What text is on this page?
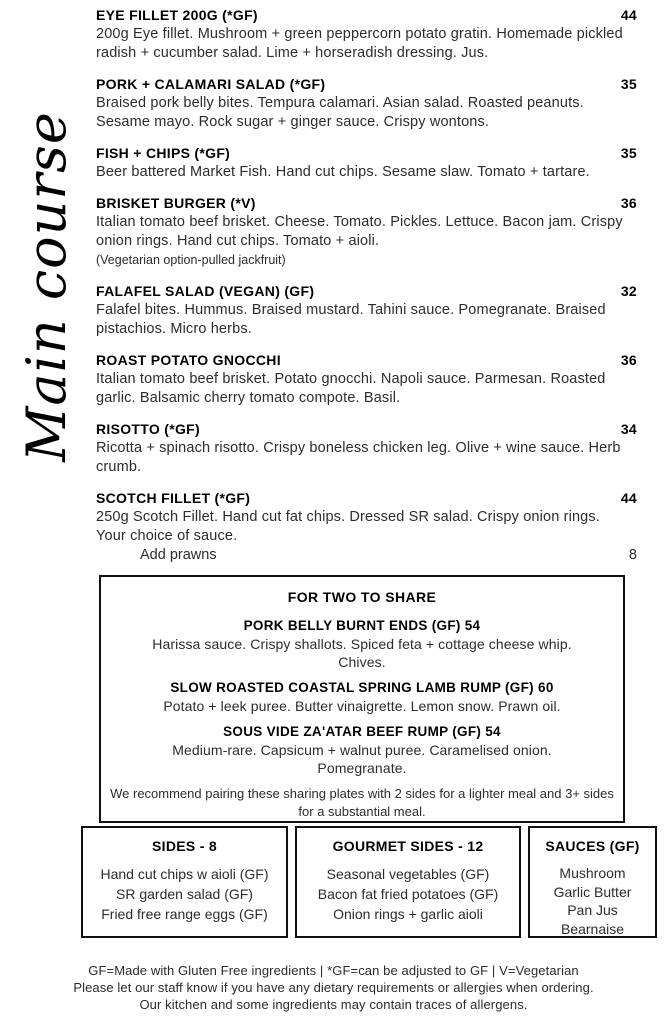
Main course
EYE FILLET 200G (*GF)	44
200g Eye fillet. Mushroom + green peppercorn potato gratin. Homemade pickled radish + cucumber salad. Lime + horseradish dressing. Jus.
PORK + CALAMARI SALAD (*GF)	35
Braised pork belly bites. Tempura calamari. Asian salad. Roasted peanuts. Sesame mayo. Rock sugar + ginger sauce. Crispy wontons.
FISH + CHIPS (*GF)	35
Beer battered Market Fish. Hand cut chips. Sesame slaw. Tomato + tartare.
BRISKET BURGER (*V)	36
Italian tomato beef brisket. Cheese. Tomato. Pickles. Lettuce. Bacon jam. Crispy onion rings. Hand cut chips. Tomato + aioli.
(Vegetarian option-pulled jackfruit)
FALAFEL SALAD (VEGAN) (GF)	32
Falafel bites. Hummus. Braised mustard. Tahini sauce. Pomegranate. Braised pistachios. Micro herbs.
ROAST POTATO GNOCCHI	36
Italian tomato beef brisket. Potato gnocchi. Napoli sauce. Parmesan. Roasted garlic. Balsamic cherry tomato compote. Basil.
RISOTTO (*GF)	34
Ricotta + spinach risotto. Crispy boneless chicken leg. Olive + wine sauce. Herb crumb.
SCOTCH FILLET (*GF)	44
250g Scotch Fillet. Hand cut fat chips. Dressed SR salad. Crispy onion rings. Your choice of sauce.
Add prawns	8
FOR TWO TO SHARE
PORK BELLY BURNT ENDS (GF) 54
Harissa sauce. Crispy shallots. Spiced feta + cottage cheese whip. Chives.
SLOW ROASTED COASTAL SPRING LAMB RUMP (GF) 60
Potato + leek puree. Butter vinaigrette. Lemon snow. Prawn oil.
SOUS VIDE ZA'ATAR BEEF RUMP (GF) 54
Medium-rare. Capsicum + walnut puree. Caramelised onion. Pomegranate.
We recommend pairing these sharing plates with 2 sides for a lighter meal and 3+ sides for a substantial meal.
SIDES - 8
Hand cut chips w aioli (GF)
SR garden salad (GF)
Fried free range eggs (GF)
GOURMET SIDES - 12
Seasonal vegetables (GF)
Bacon fat fried potatoes (GF)
Onion rings + garlic aioli
SAUCES (GF)
Mushroom
Garlic Butter
Pan Jus
Bearnaise
GF=Made with Gluten Free ingredients | *GF=can be adjusted to GF | V=Vegetarian
Please let our staff know if you have any dietary requirements or allergies when ordering.
Our kitchen and some ingredients may contain traces of allergens.
